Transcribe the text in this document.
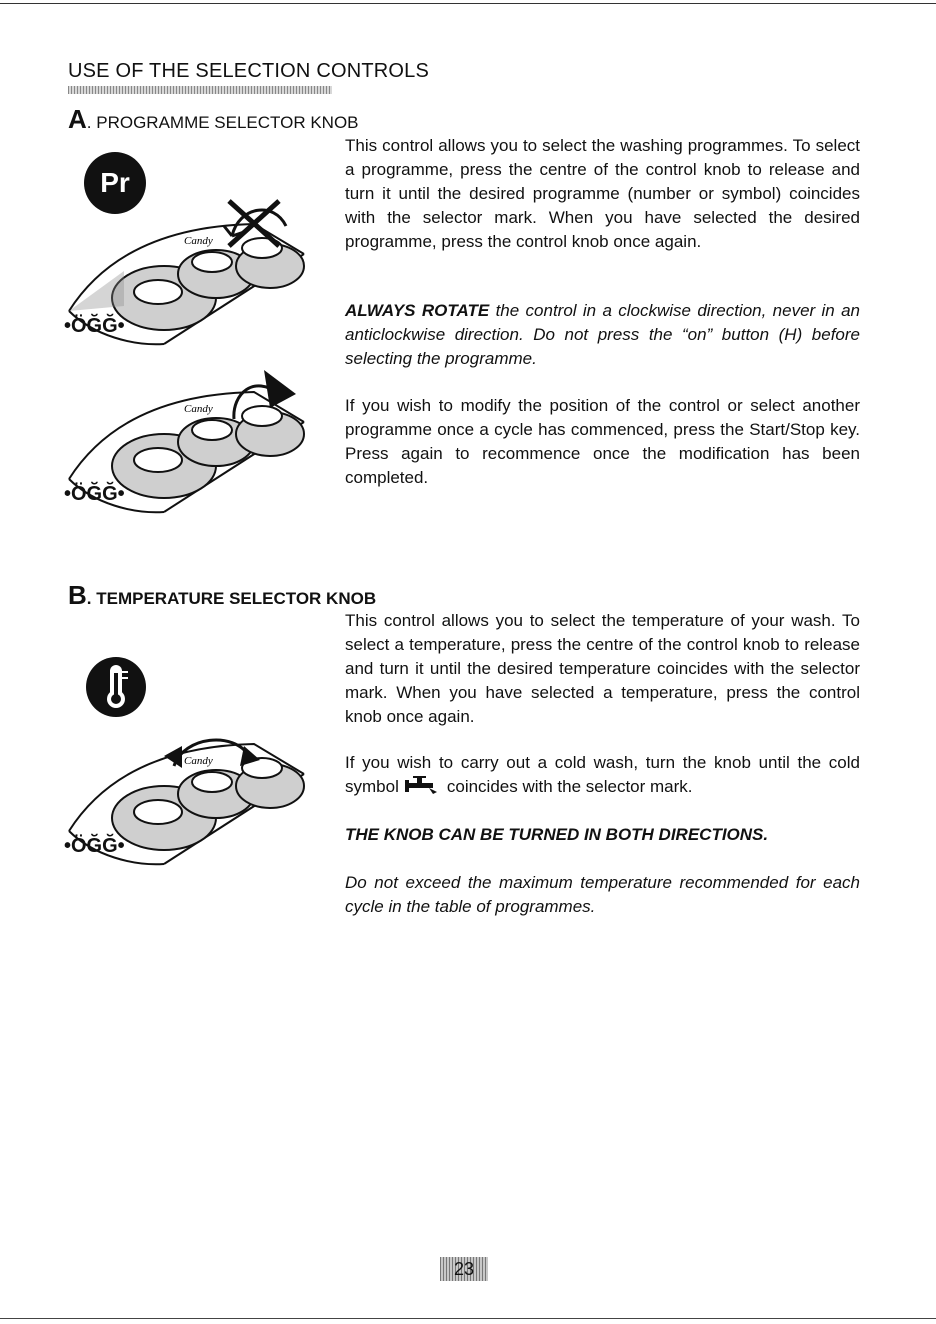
USE OF THE SELECTION CONTROLS
A. PROGRAMME SELECTOR KNOB
Pr
Candy
•ÖĞĞ•
Candy
•ÖĞĞ•

This control allows you to select the washing programmes. To select a programme, press the centre of the control knob to release and turn it until the desired programme (number or symbol) coincides with the selector mark. When you have selected the desired programme, press the control knob once again.

ALWAYS ROTATE the control in a clockwise direction, never in an anticlockwise direction. Do not press the “on” button (H) before selecting the programme.

If you wish to modify the position of the control or select another programme once a cycle has commenced, press the Start/Stop key. Press again to recommence once the modification has been completed.

B. TEMPERATURE SELECTOR KNOB
Candy
•ÖĞĞ•

This control allows you to select the temperature of your wash. To select a temperature, press the centre of the control knob to release and turn it until the desired temperature coincides with the selector mark. When you have selected a temperature, press the control knob once again.

If you wish to carry out a cold wash, turn the knob until the cold symbol	coincides with the selector mark.

THE KNOB CAN BE TURNED IN BOTH DIRECTIONS.

Do not exceed the maximum temperature recommended for each cycle in the table of programmes.

23
